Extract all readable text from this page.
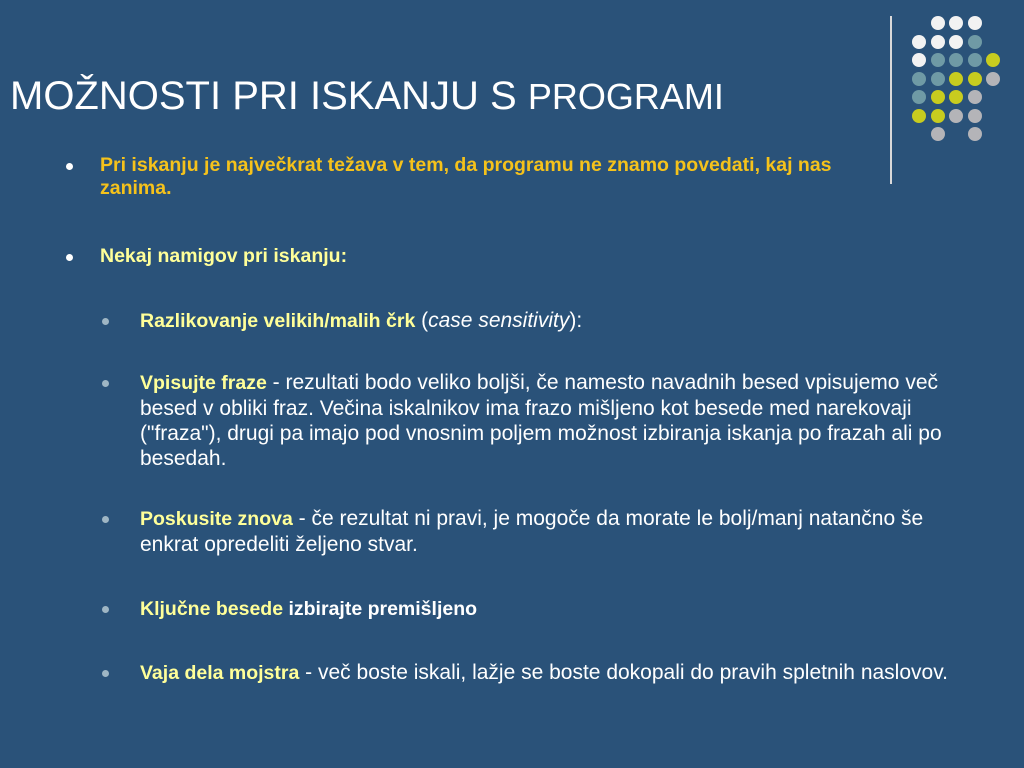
MOŽNOSTI PRI ISKANJU S PROGRAMI
Pri iskanju je največkrat težava v tem, da programu ne znamo povedati, kaj nas zanima.
Nekaj namigov pri iskanju:
Razlikovanje velikih/malih črk (case sensitivity):
Vpisujte fraze - rezultati bodo veliko boljši, če namesto navadnih besed vpisujemo več besed v obliki fraz. Večina iskalnikov ima frazo mišljeno kot besede med narekovaji ("fraza"), drugi pa imajo pod vnosnim poljem možnost izbiranja iskanja po frazah ali po besedah.
Poskusite znova - če rezultat ni pravi, je mogoče da morate le bolj/manj natančno še enkrat opredeliti željeno stvar.
Ključne besede izbirajte premišljeno
Vaja dela mojstra - več boste iskali, lažje se boste dokopali do pravih spletnih naslovov.
